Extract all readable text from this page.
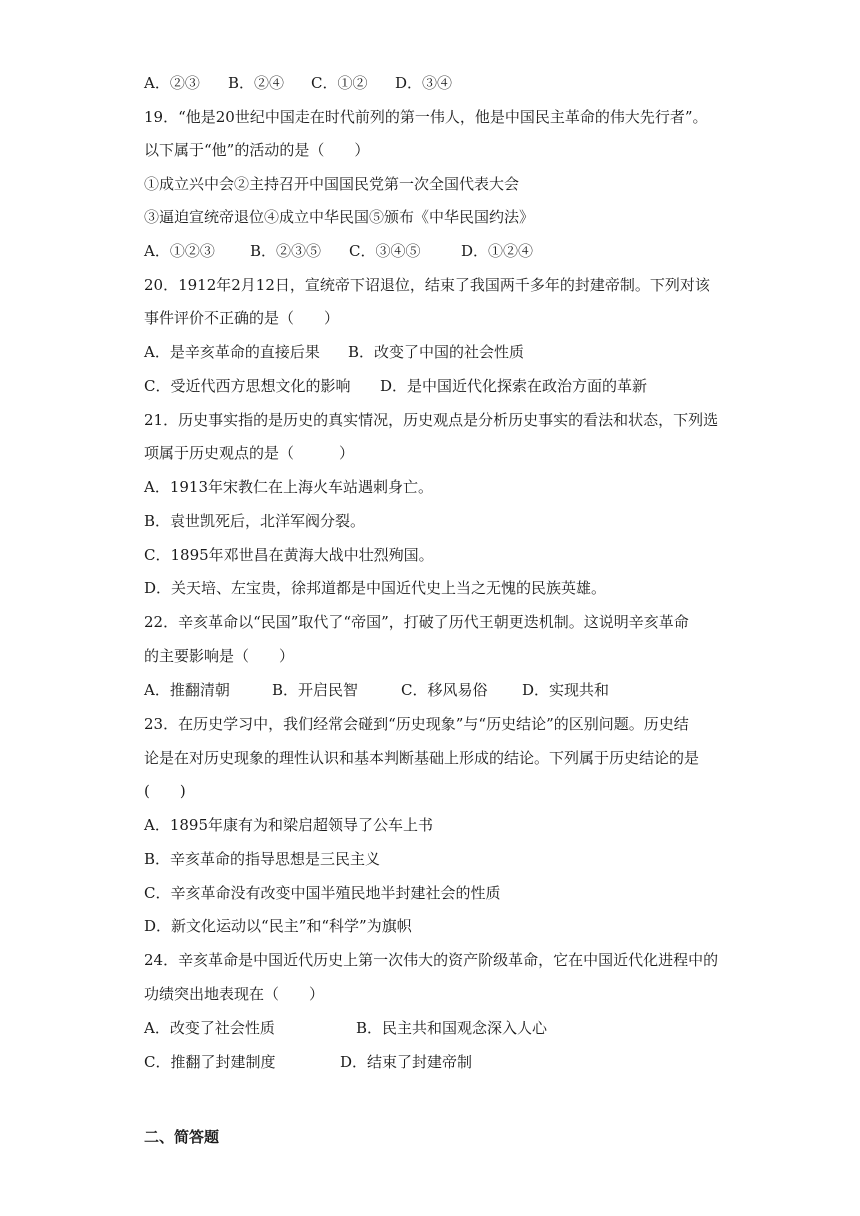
A．②③ B．②④ C．①② D．③④
19．“他是20世纪中国走在时代前列的第一伟人，他是中国民主革命的伟大先行者”。
以下属于“他”的活动的是（　　）
①成立兴中会②主持召开中国国民党第一次全国代表大会
③逼迫宣统帝退位④成立中华民国⑤颁布《中华民国约法》
A．①②③ B．②③⑤ C．③④⑤	D．①②④
20．1912年2月12日，宣统帝下诏退位，结束了我国两千多年的封建帝制。下列对该
事件评价不正确的是（　　）
A．是辛亥革命的直接后果 B．改变了中国的社会性质
C．受近代西方思想文化的影响 D．是中国近代化探索在政治方面的革新
21．历史事实指的是历史的真实情况，历史观点是分析历史事实的看法和状态，下列选
项属于历史观点的是（　　　）
A．1913年宋教仁在上海火车站遇刺身亡。
B．袁世凯死后，北洋军阀分裂。
C．1895年邓世昌在黄海大战中壮烈殉国。
D．关天培、左宝贵，徐邦道都是中国近代史上当之无愧的民族英雄。
22．辛亥革命以“民国”取代了“帝国”，打破了历代王朝更迭机制。这说明辛亥革命
的主要影响是（　　）
A．推翻清朝	B．开启民智	C．移风易俗 D．实现共和
23．在历史学习中，我们经常会碰到“历史现象”与“历史结论”的区别问题。历史结
论是在对历史现象的理性认识和基本判断基础上形成的结论。下列属于历史结论的是
(　　)
A．1895年康有为和梁启超领导了公车上书
B．辛亥革命的指导思想是三民主义
C．辛亥革命没有改变中国半殖民地半封建社会的性质
D．新文化运动以“民主”和“科学”为旗帜
24．辛亥革命是中国近代历史上第一次伟大的资产阶级革命，它在中国近代化进程中的
功绩突出地表现在（　　）
A．改变了社会性质	B．民主共和国观念深入人心
C．推翻了封建制度	D．结束了封建帝制
二、简答题
